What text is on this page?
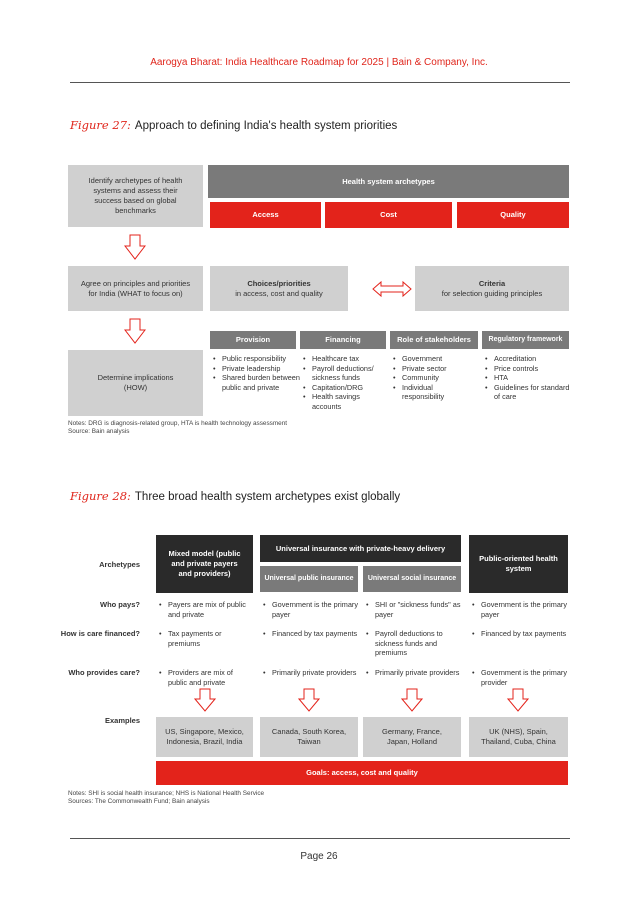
Aarogya Bharat: India Healthcare Roadmap for 2025 | Bain & Company, Inc.
Figure 27: Approach to defining India's health system priorities
Identify archetypes of health systems and assess their success based on global benchmarks
Health system archetypes
Access	Cost	Quality
Agree on principles and priorities for India (WHAT to focus on)
Choices/priorities
in access, cost and quality
Criteria
for selection guiding principles
Determine implications (HOW)
Provision	Financing	Role of stakeholders	Regulatory framework
• Public responsibility
• Private leadership
• Shared burden between public and private
• Healthcare tax
• Payroll deductions/ sickness funds
• Capitation/DRG
• Health savings accounts
• Government
• Private sector
• Community
• Individual responsibility
• Accreditation
• Price controls
• HTA
• Guidelines for standard of care
Notes: DRG is diagnosis-related group, HTA is health technology assessment
Source: Bain analysis
Figure 28: Three broad health system archetypes exist globally
Archetypes
Mixed model (public and private payers and providers)
Universal insurance with private-heavy delivery
Universal public insurance	Universal social insurance
Public-oriented health system
Who pays?	• Payers are mix of public and private
• Government is the primary payer
• SHI or "sickness funds" as payer
• Government is the primary payer
How is care financed?	• Tax payments or premiums
• Financed by tax payments	• Payroll deductions to sickness funds and premiums
• Financed by tax payments
Who provides care?	• Providers are mix of public and private
• Primarily private providers	• Primarily private providers	• Government is the primary provider
Examples
US, Singapore, Mexico, Indonesia, Brazil, India
Canada, South Korea, Taiwan
Germany, France, Japan, Holland
UK (NHS), Spain, Thailand, Cuba, China
Goals: access, cost and quality
Notes: SHI is social health insurance; NHS is National Health Service
Sources: The Commonwealth Fund; Bain analysis
Page 26
